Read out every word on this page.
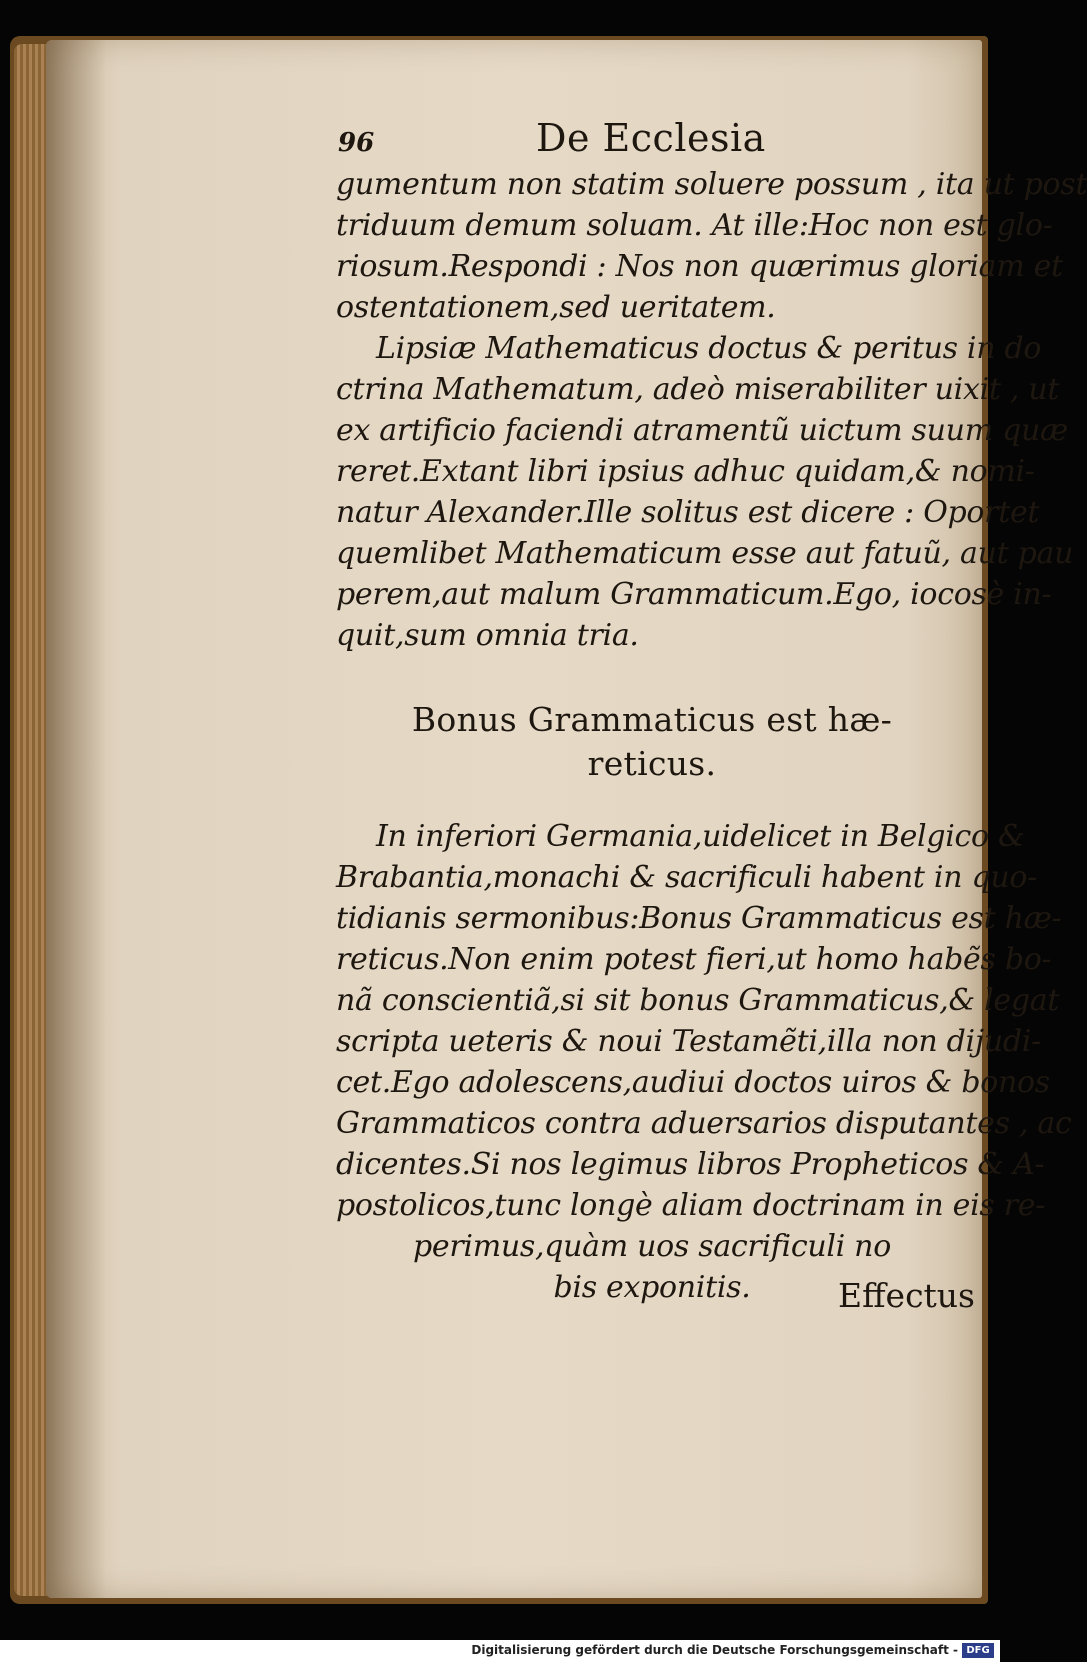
96	De Ecclesia
gumentum non statim soluere possum , ita ut post
triduum demum soluam. At ille:Hoc non est glo-
riosum.Respondi : Nos non quærimus gloriam et
ostentationem,sed ueritatem.
Lipsiæ Mathematicus doctus & peritus in do
ctrina Mathematum, adeò miserabiliter uixit , ut
ex artificio faciendi atramentũ uictum suum quæ
reret.Extant libri ipsius adhuc quidam,& nomi-
natur Alexander.Ille solitus est dicere : Oportet
quemlibet Mathematicum esse aut fatuũ, aut pau
perem,aut malum Grammaticum.Ego, iocosè in-
quit,sum omnia tria.
Bonus Grammaticus est hæ-
reticus.
In inferiori Germania,uidelicet in Belgico &
Brabantia,monachi & sacrificuli habent in quo-
tidianis sermonibus:Bonus Grammaticus est hæ-
reticus.Non enim potest fieri,ut homo habẽs bo-
nã conscientiã,si sit bonus Grammaticus,& legat
scripta ueteris & noui Testamẽti,illa non dijudi-
cet.Ego adolescens,audiui doctos uiros & bonos
Grammaticos contra aduersarios disputantes , ac
dicentes.Si nos legimus libros Propheticos & A-
postolicos,tunc longè aliam doctrinam in eis re-
perimus,quàm uos sacrificuli no
bis exponitis.	Effectus
Digitalisierung gefördert durch die Deutsche Forschungsgemeinschaft - DFG
